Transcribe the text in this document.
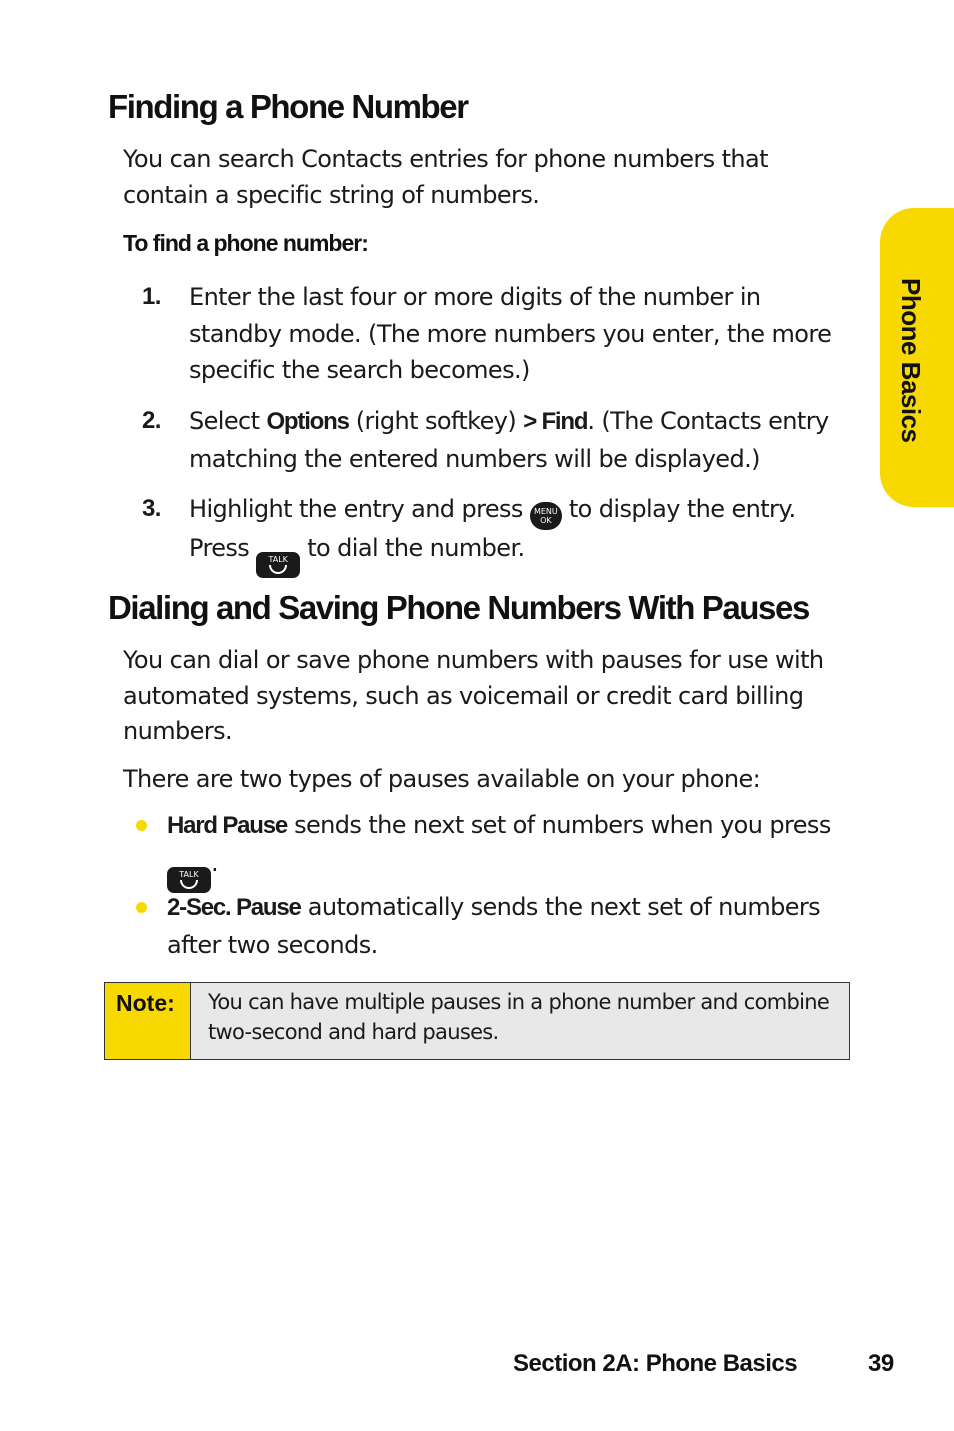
Finding a Phone Number

You can search Contacts entries for phone numbers that contain a specific string of numbers.

To find a phone number:

1. Enter the last four or more digits of the number in standby mode. (The more numbers you enter, the more specific the search becomes.)
2. Select Options (right softkey) > Find. (The Contacts entry matching the entered numbers will be displayed.)
3. Highlight the entry and press MENU
OK to display the entry. Press TALK
to dial the number.
Dialing and Saving Phone Numbers With Pauses

You can dial or save phone numbers with pauses for use with automated systems, such as voicemail or credit card billing numbers.

There are two types of pauses available on your phone:

Hard Pause sends the next set of numbers when you press TALK .
2-Sec. Pause automatically sends the next set of numbers after two seconds.
Note:	You can have multiple pauses in a phone number and combine two-second and hard pauses.
Phone Basics
Section 2A: Phone Basics	39
